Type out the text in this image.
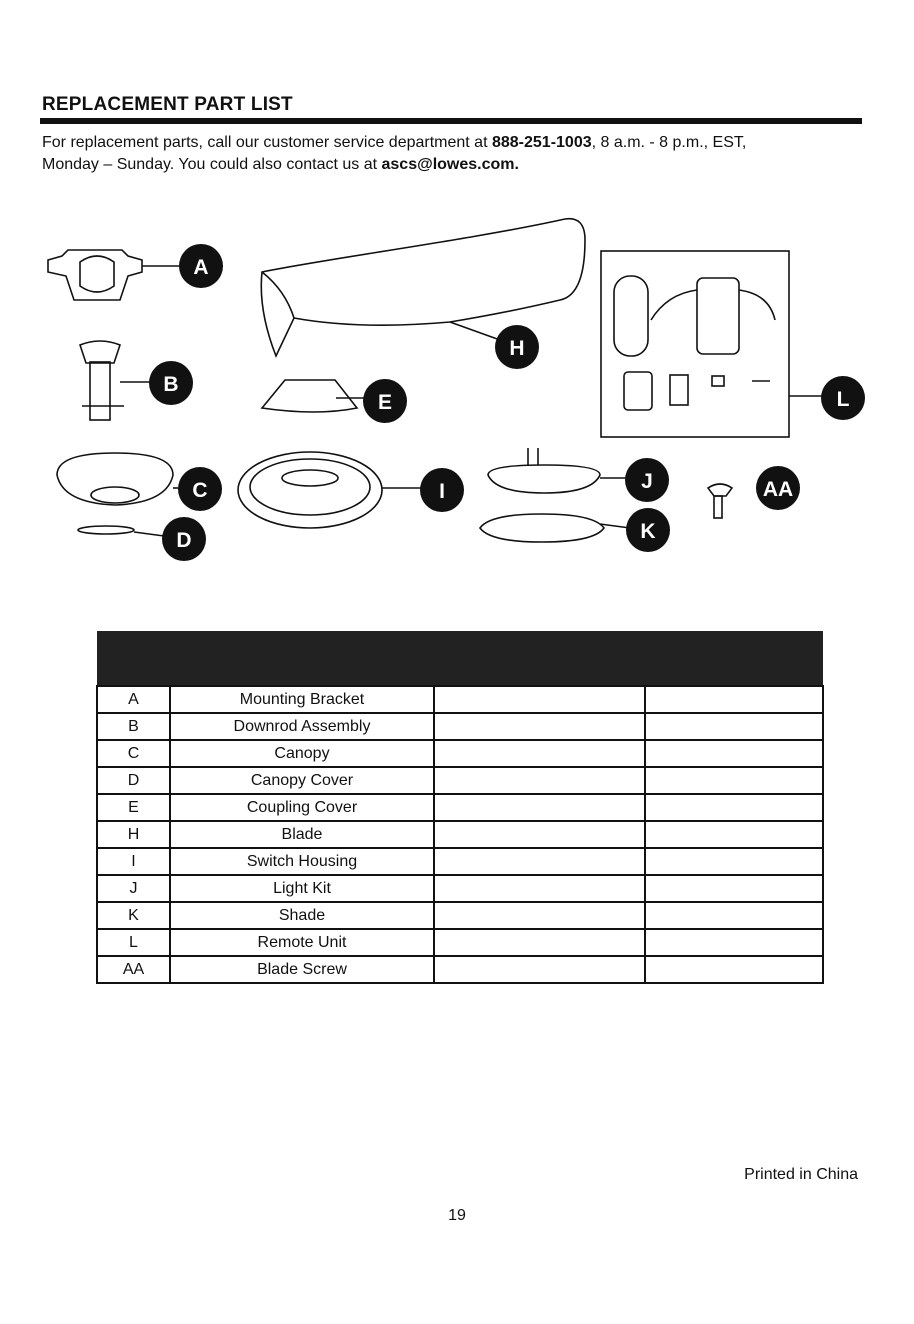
REPLACEMENT PART LIST
For replacement parts, call our customer service department at 888-251-1003, 8 a.m. - 8 p.m., EST,
Monday – Sunday. You could also contact us at ascs@lowes.com.
A
B
C
D
E
H
I	J
K
L
AA

A	Mounting Bracket		
B	Downrod Assembly		
C	Canopy		
D	Canopy Cover		
E	Coupling Cover		
H	Blade		
I	Switch Housing		
J	Light Kit		
K	Shade		
L	Remote Unit		
AA	Blade Screw		
Printed in China
19
